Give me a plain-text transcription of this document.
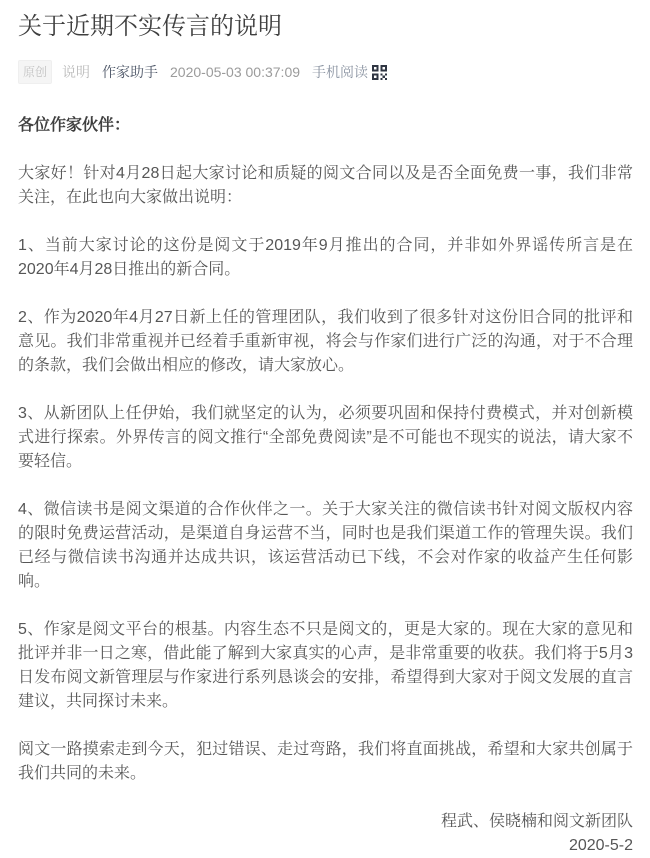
关于近期不实传言的说明
原创	说明 作家助手 2020-05-03 00:37:09 手机阅读
各位作家伙伴：

大家好！针对4月28日起大家讨论和质疑的阅文合同以及是否全面免费一事，我们非常关注，在此也向大家做出说明：

1、当前大家讨论的这份是阅文于2019年9月推出的合同，并非如外界谣传所言是在2020年4月28日推出的新合同。

2、作为2020年4月27日新上任的管理团队，我们收到了很多针对这份旧合同的批评和意见。我们非常重视并已经着手重新审视，将会与作家们进行广泛的沟通，对于不合理的条款，我们会做出相应的修改，请大家放心。

3、从新团队上任伊始，我们就坚定的认为，必须要巩固和保持付费模式，并对创新模式进行探索。外界传言的阅文推行“全部免费阅读”是不可能也不现实的说法，请大家不要轻信。

4、微信读书是阅文渠道的合作伙伴之一。关于大家关注的微信读书针对阅文版权内容的限时免费运营活动，是渠道自身运营不当，同时也是我们渠道工作的管理失误。我们已经与微信读书沟通并达成共识，该运营活动已下线，不会对作家的收益产生任何影响。

5、作家是阅文平台的根基。内容生态不只是阅文的，更是大家的。现在大家的意见和批评并非一日之寒，借此能了解到大家真实的心声，是非常重要的收获。我们将于5月3日发布阅文新管理层与作家进行系列恳谈会的安排，希望得到大家对于阅文发展的直言建议，共同探讨未来。

阅文一路摸索走到今天，犯过错误、走过弯路，我们将直面挑战，希望和大家共创属于我们共同的未来。

程武、侯晓楠和阅文新团队
2020-5-2
